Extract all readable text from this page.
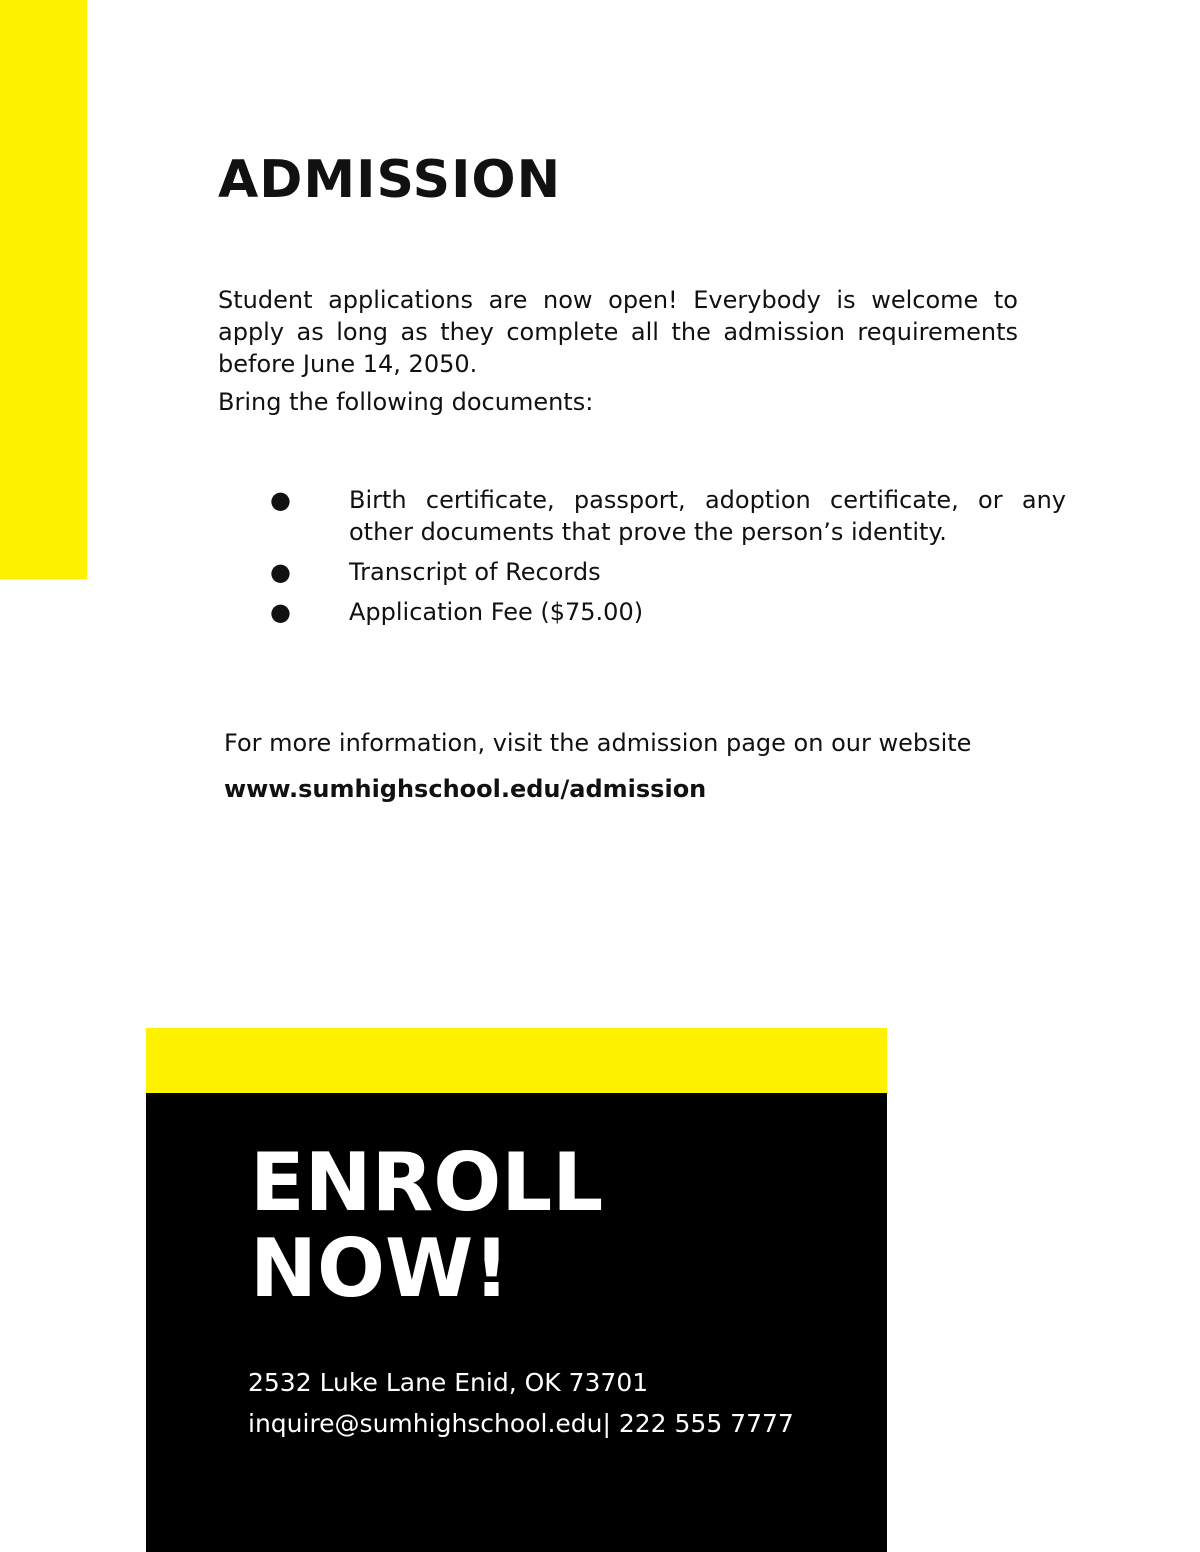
ADMISSION

Student applications are now open! Everybody is welcome to apply as long as they complete all the admission requirements before June 14, 2050.

Bring the following documents:

● Birth certificate, passport, adoption certificate, or any other documents that prove the person’s identity.
● Transcript of Records
● Application Fee ($75.00)

For more information, visit the admission page on our website

www.sumhighschool.edu/admission

ENROLL
NOW!
2532 Luke Lane Enid, OK 73701
inquire@sumhighschool.edu| 222 555 7777
